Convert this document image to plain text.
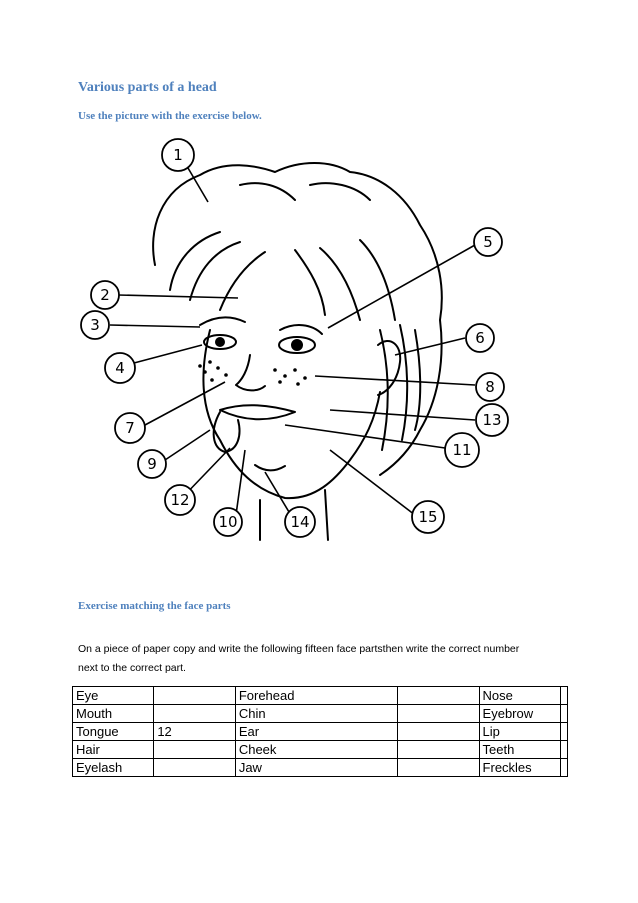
Various parts of a head
Use the picture with the exercise below.
1
2
3
4
5
6
7
8
9
10
11
12
13
14	15
Exercise matching the face parts
On a piece of paper copy and write the following fifteen face partsthen write the correct number
next to the correct part.
Eye		Forehead		Nose	
Mouth		Chin		Eyebrow	
Tongue	12	Ear		Lip	
Hair		Cheek		Teeth	
Eyelash		Jaw		Freckles	
